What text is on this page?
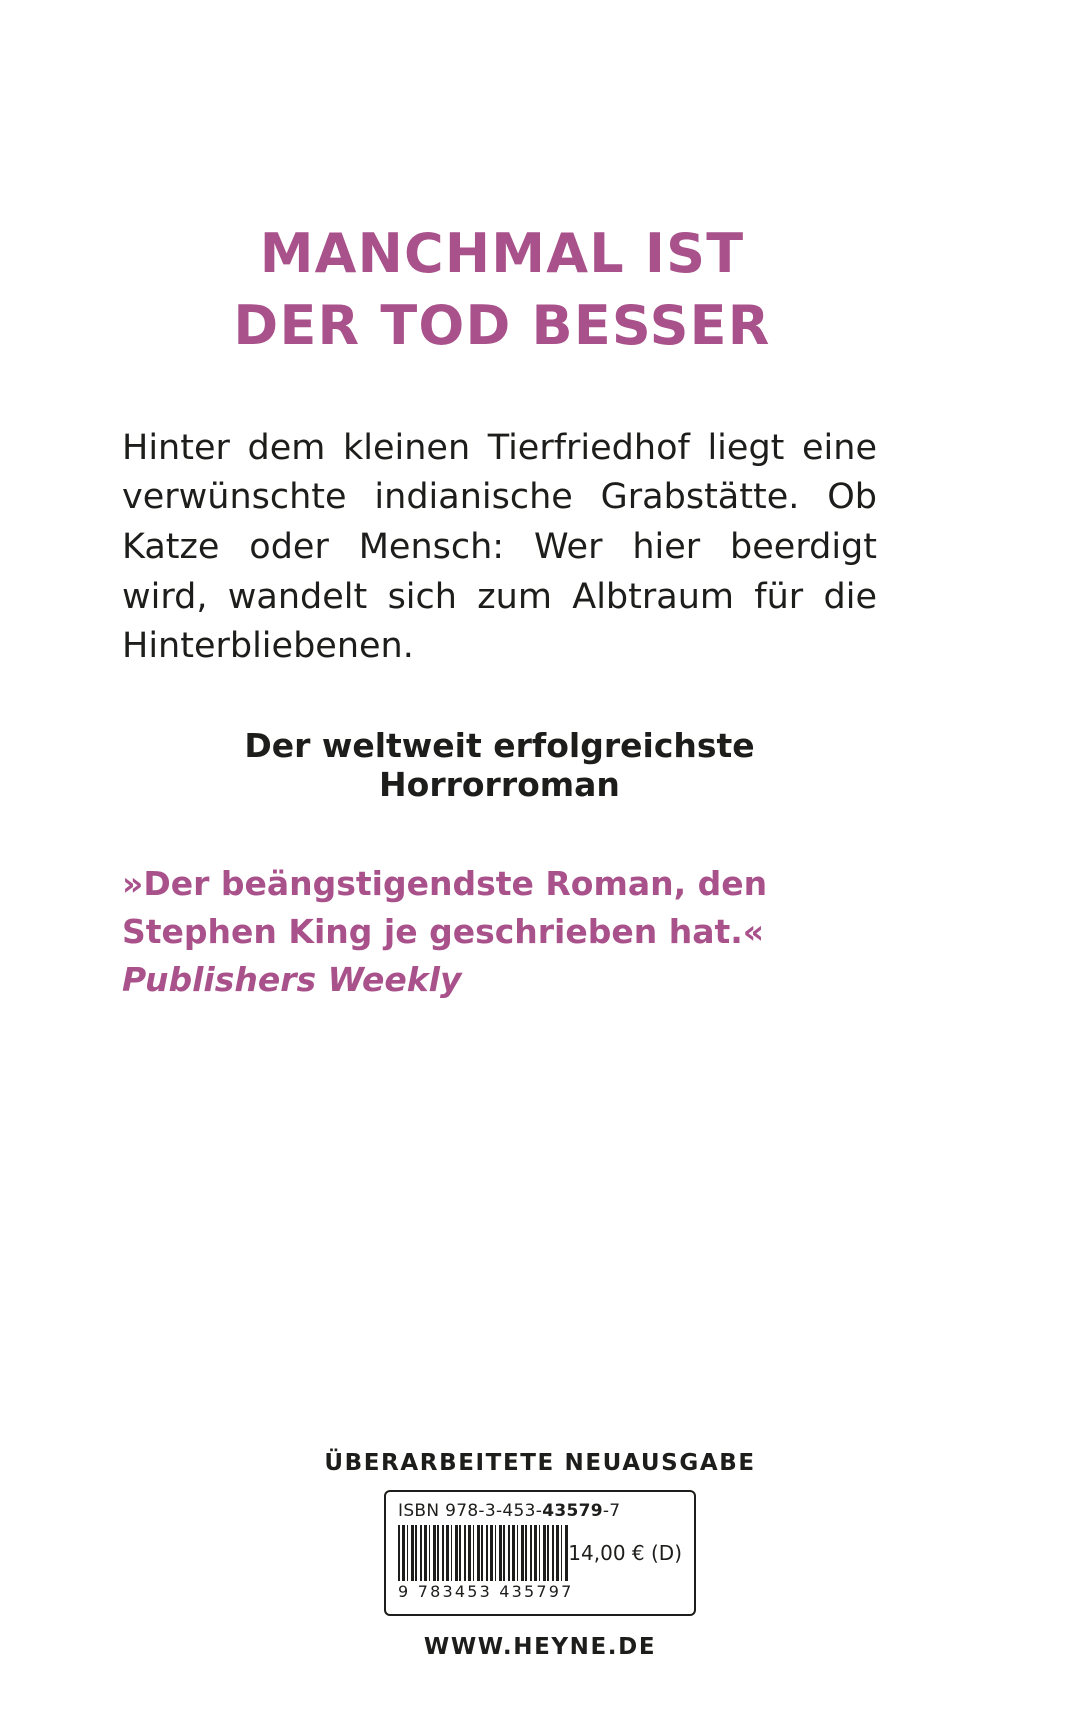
MANCHMAL IST
DER TOD BESSER

Hinter dem kleinen Tierfriedhof liegt eine verwünschte indianische Grabstätte. Ob Katze oder Mensch: Wer hier beerdigt wird, wandelt sich zum Albtraum für die Hinterbliebenen.

Der weltweit erfolgreichste Horrorroman

»Der beängstigendste Roman, den Stephen King je geschrieben hat.« Publishers Weekly

ÜBERARBEITETE NEUAUSGABE
ISBN 978-3-453-43579-7
14,00 € (D)
9 783453 435797
WWW.HEYNE.DE
